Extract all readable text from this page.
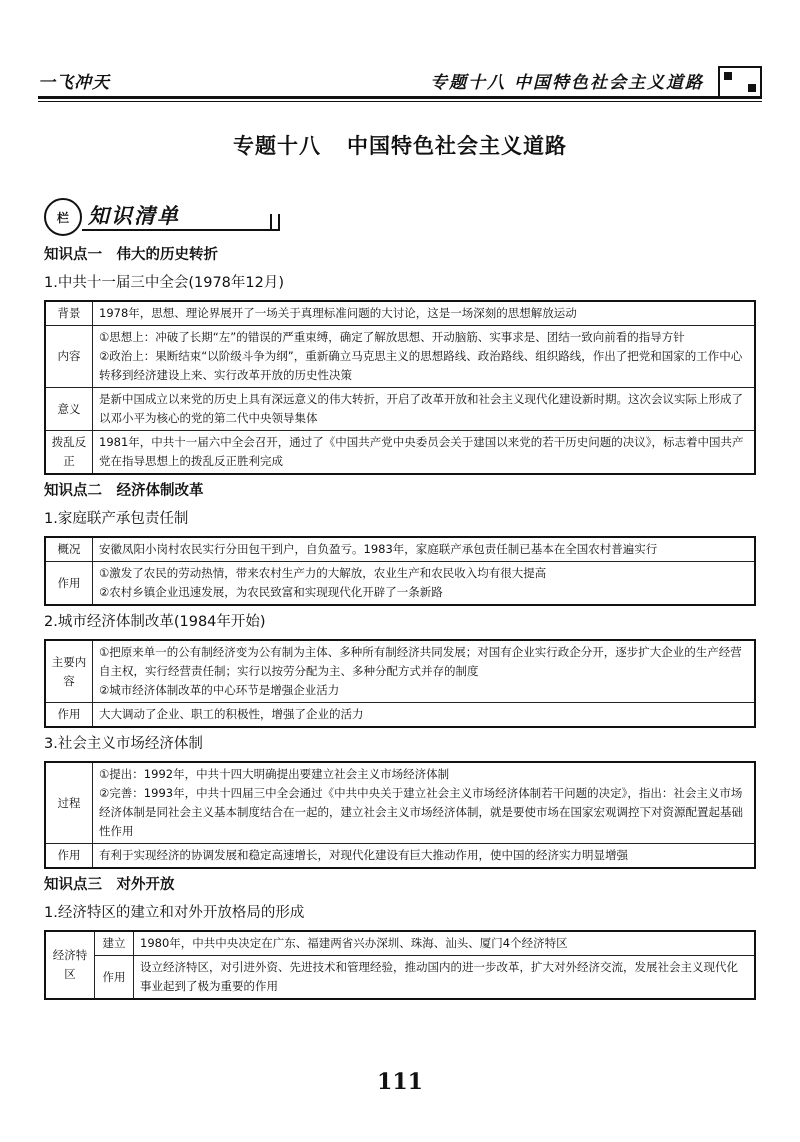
一飞冲天	专题十八 中国特色社会主义道路
专题十八 中国特色社会主义道路
栏 知识清单
知识点一　伟大的历史转折
1.中共十一届三中全会(1978年12月)
背景	1978年，思想、理论界展开了一场关于真理标准问题的大讨论，这是一场深刻的思想解放运动

内容	①思想上：冲破了长期“左”的错误的严重束缚，确定了解放思想、开动脑筋、实事求是、团结一致向前看的指导方针
②政治上：果断结束“以阶级斗争为纲”，重新确立马克思主义的思想路线、政治路线、组织路线，作出了把党和国家的工作中心转移到经济建设上来、实行改革开放的历史性决策

意义	是新中国成立以来党的历史上具有深远意义的伟大转折，开启了改革开放和社会主义现代化建设新时期。这次会议实际上形成了以邓小平为核心的党的第二代中央领导集体

拨乱反正	1981年，中共十一届六中全会召开，通过了《中国共产党中央委员会关于建国以来党的若干历史问题的决议》，标志着中国共产党在指导思想上的拨乱反正胜利完成
知识点二　经济体制改革
1.家庭联产承包责任制
概况	安徽凤阳小岗村农民实行分田包干到户，自负盈亏。1983年，家庭联产承包责任制已基本在全国农村普遍实行

作用	①激发了农民的劳动热情，带来农村生产力的大解放，农业生产和农民收入均有很大提高
②农村乡镇企业迅速发展，为农民致富和实现现代化开辟了一条新路
2.城市经济体制改革(1984年开始)
主要内容	①把原来单一的公有制经济变为公有制为主体、多种所有制经济共同发展；对国有企业实行政企分开，逐步扩大企业的生产经营自主权，实行经营责任制；实行以按劳分配为主、多种分配方式并存的制度
②城市经济体制改革的中心环节是增强企业活力

作用	大大调动了企业、职工的积极性，增强了企业的活力
3.社会主义市场经济体制
过程	①提出：1992年，中共十四大明确提出要建立社会主义市场经济体制
②完善：1993年，中共十四届三中全会通过《中共中央关于建立社会主义市场经济体制若干问题的决定》，指出：社会主义市场经济体制是同社会主义基本制度结合在一起的，建立社会主义市场经济体制，就是要使市场在国家宏观调控下对资源配置起基础性作用

作用	有利于实现经济的协调发展和稳定高速增长，对现代化建设有巨大推动作用，使中国的经济实力明显增强
知识点三　对外开放
1.经济特区的建立和对外开放格局的形成
经济特区	建立	1980年，中共中央决定在广东、福建两省兴办深圳、珠海、汕头、厦门4个经济特区

	作用	设立经济特区，对引进外资、先进技术和管理经验，推动国内的进一步改革，扩大对外经济交流，发展社会主义现代化事业起到了极为重要的作用
111
